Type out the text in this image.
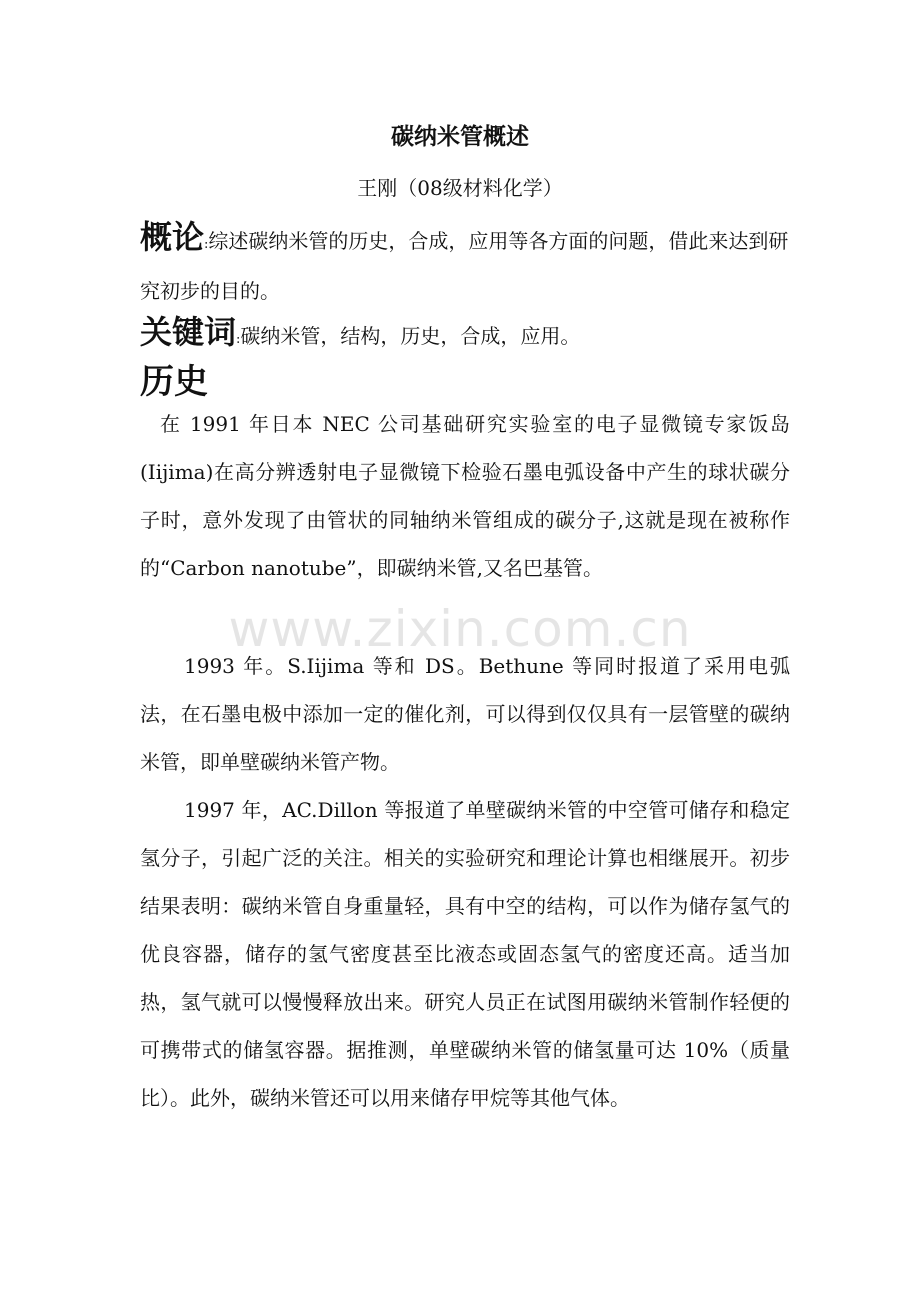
碳纳米管概述
王刚（08级材料化学）
概论:综述碳纳米管的历史，合成，应用等各方面的问题，借此来达到研究初步的目的。
关键词:碳纳米管，结构，历史，合成，应用。
历史
在 1991 年日本 NEC 公司基础研究实验室的电子显微镜专家饭岛(Iijima)在高分辨透射电子显微镜下检验石墨电弧设备中产生的球状碳分子时，意外发现了由管状的同轴纳米管组成的碳分子,这就是现在被称作的“Carbon nanotube”，即碳纳米管,又名巴基管。
1993 年。S.Iijima 等和 DS。Bethune 等同时报道了采用电弧法，在石墨电极中添加一定的催化剂，可以得到仅仅具有一层管壁的碳纳米管，即单壁碳纳米管产物。
1997 年，AC.Dillon 等报道了单壁碳纳米管的中空管可储存和稳定氢分子，引起广泛的关注。相关的实验研究和理论计算也相继展开。初步结果表明：碳纳米管自身重量轻，具有中空的结构，可以作为储存氢气的优良容器，储存的氢气密度甚至比液态或固态氢气的密度还高。适当加热，氢气就可以慢慢释放出来。研究人员正在试图用碳纳米管制作轻便的可携带式的储氢容器。据推测，单壁碳纳米管的储氢量可达 10%（质量比）。此外，碳纳米管还可以用来储存甲烷等其他气体。
www.zixin.com.cn
